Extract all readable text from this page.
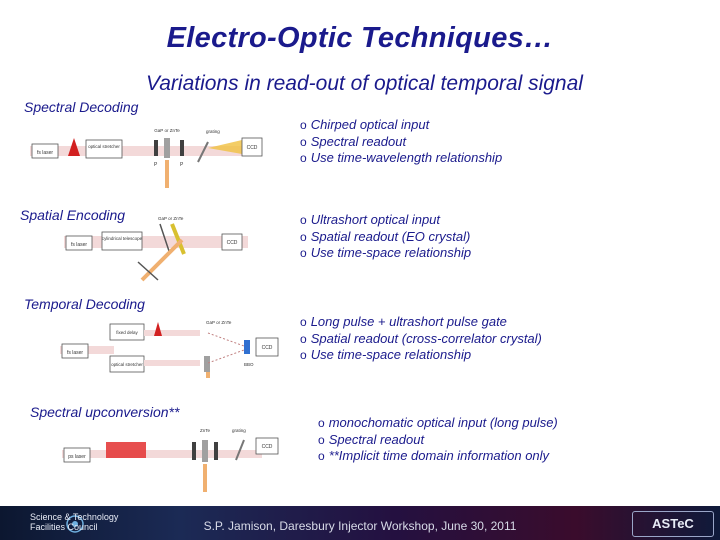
Electro-Optic Techniques…
Variations in read-out of optical temporal signal
Spectral Decoding
fs laser
optical stretcher
GaP or ZnTe
P	P
grating
CCD
o Chirped optical input
o Spectral readout
o Use time-wavelength relationship
Spatial Encoding
fs laser
cylindrical telescope
GaP or ZnTe
CCD
o Ultrashort optical input
o Spatial readout (EO crystal)
o Use time-space relationship
Temporal Decoding
fs laser
fixed delay
optical stretcher
GaP or ZnTe
BBO
CCD
o Long pulse + ultrashort pulse gate
o Spatial readout (cross-correlator crystal)
o Use time-space relationship
Spectral upconversion**
ps laser
ZnTe	grating
CCD
o monochomatic optical input (long pulse)
o Spectral readout
o **Implicit time domain information only
Science & Technology
Facilities Council	S.P. Jamison, Daresbury Injector Workshop, June 30, 2011	ASTeC
